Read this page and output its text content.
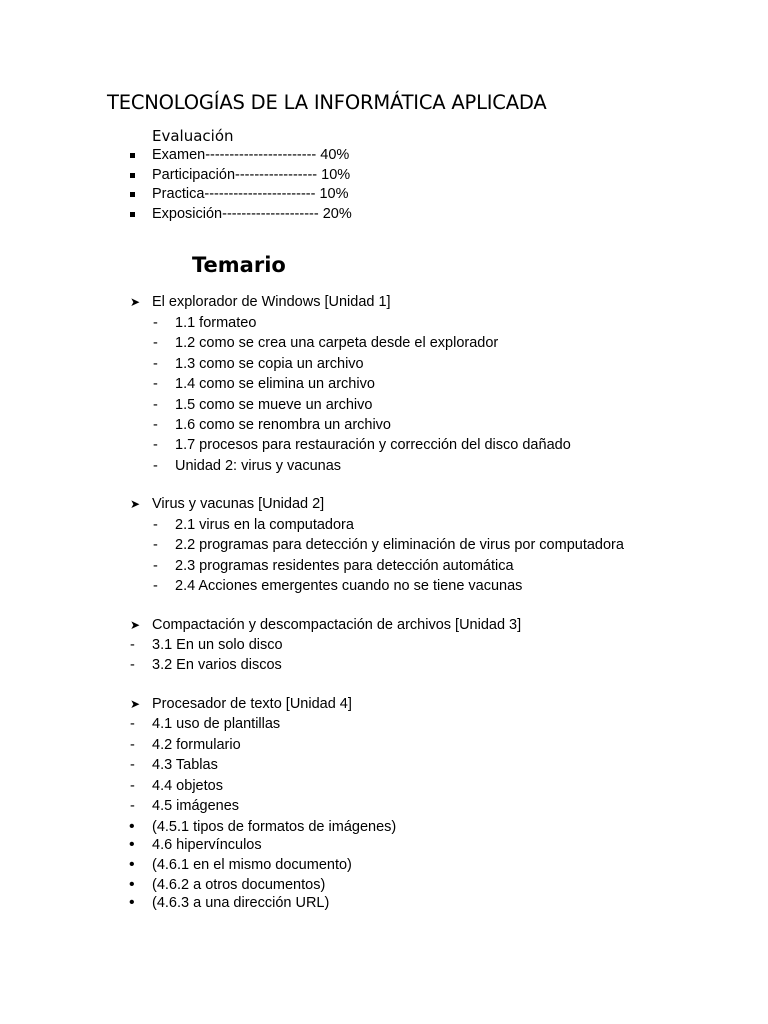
TECNOLOGÍAS DE LA INFORMÁTICA APLICADA
Evaluación
Examen----------------------- 40%
Participación----------------- 10%
Practica----------------------- 10%
Exposición-------------------- 20%
Temario
➤ El explorador de Windows [Unidad 1]
- 1.1 formateo
- 1.2 como se crea una carpeta desde el explorador
- 1.3 como se copia un archivo
- 1.4 como se elimina un archivo
- 1.5 como se mueve un archivo
- 1.6 como se renombra un archivo
- 1.7 procesos para restauración y corrección del disco dañado
- Unidad 2: virus y vacunas
➤ Virus y vacunas [Unidad 2]
- 2.1 virus en la computadora
- 2.2 programas para detección y eliminación de virus por computadora
- 2.3 programas residentes para detección automática
- 2.4 Acciones emergentes cuando no se tiene vacunas
➤ Compactación y descompactación de archivos [Unidad 3]
- 3.1 En un solo disco
- 3.2 En varios discos
➤ Procesador de texto [Unidad 4]
- 4.1 uso de plantillas
- 4.2 formulario
- 4.3 Tablas
- 4.4 objetos
- 4.5 imágenes
• (4.5.1 tipos de formatos de imágenes)
• 4.6 hipervínculos
• (4.6.1 en el mismo documento)
• (4.6.2 a otros documentos)
• (4.6.3 a una dirección URL)
